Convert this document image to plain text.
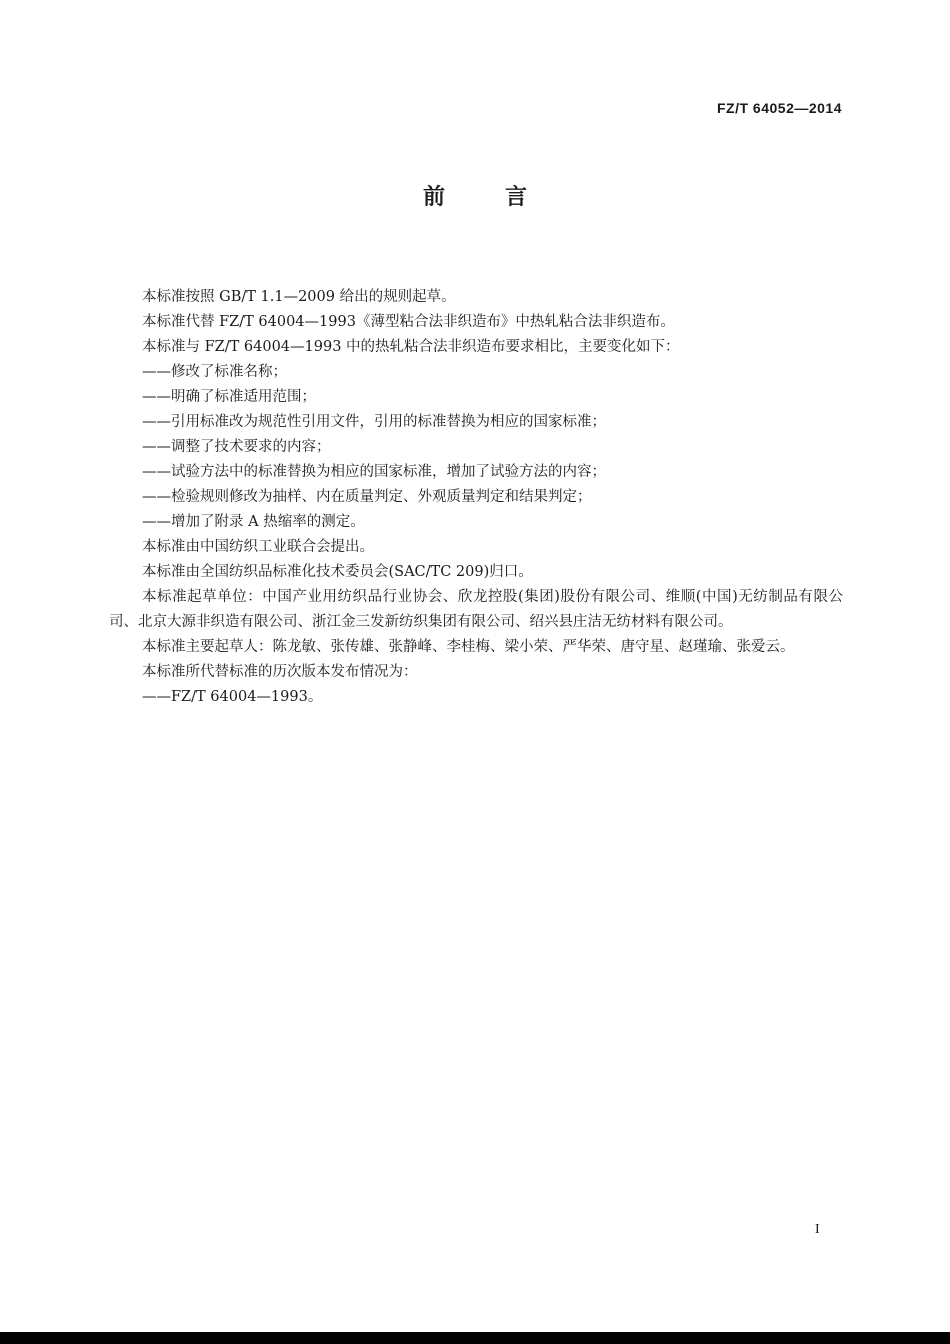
FZ/T 64052—2014
前言

本标准按照 GB/T 1.1—2009 给出的规则起草。

本标准代替 FZ/T 64004—1993《薄型粘合法非织造布》中热轧粘合法非织造布。

本标准与 FZ/T 64004—1993 中的热轧粘合法非织造布要求相比，主要变化如下：

——修改了标准名称；

——明确了标准适用范围；

——引用标准改为规范性引用文件，引用的标准替换为相应的国家标准；

——调整了技术要求的内容；

——试验方法中的标准替换为相应的国家标准，增加了试验方法的内容；

——检验规则修改为抽样、内在质量判定、外观质量判定和结果判定；

——增加了附录 A 热缩率的测定。

本标准由中国纺织工业联合会提出。

本标准由全国纺织品标准化技术委员会(SAC/TC 209)归口。

本标准起草单位：中国产业用纺织品行业协会、欣龙控股(集团)股份有限公司、维顺(中国)无纺制品有限公司、北京大源非织造有限公司、浙江金三发新纺织集团有限公司、绍兴县庄洁无纺材料有限公司。

本标准主要起草人：陈龙敏、张传雄、张静峰、李桂梅、梁小荣、严华荣、唐守星、赵瑾瑜、张爱云。

本标准所代替标准的历次版本发布情况为：

——FZ/T 64004—1993。

I
